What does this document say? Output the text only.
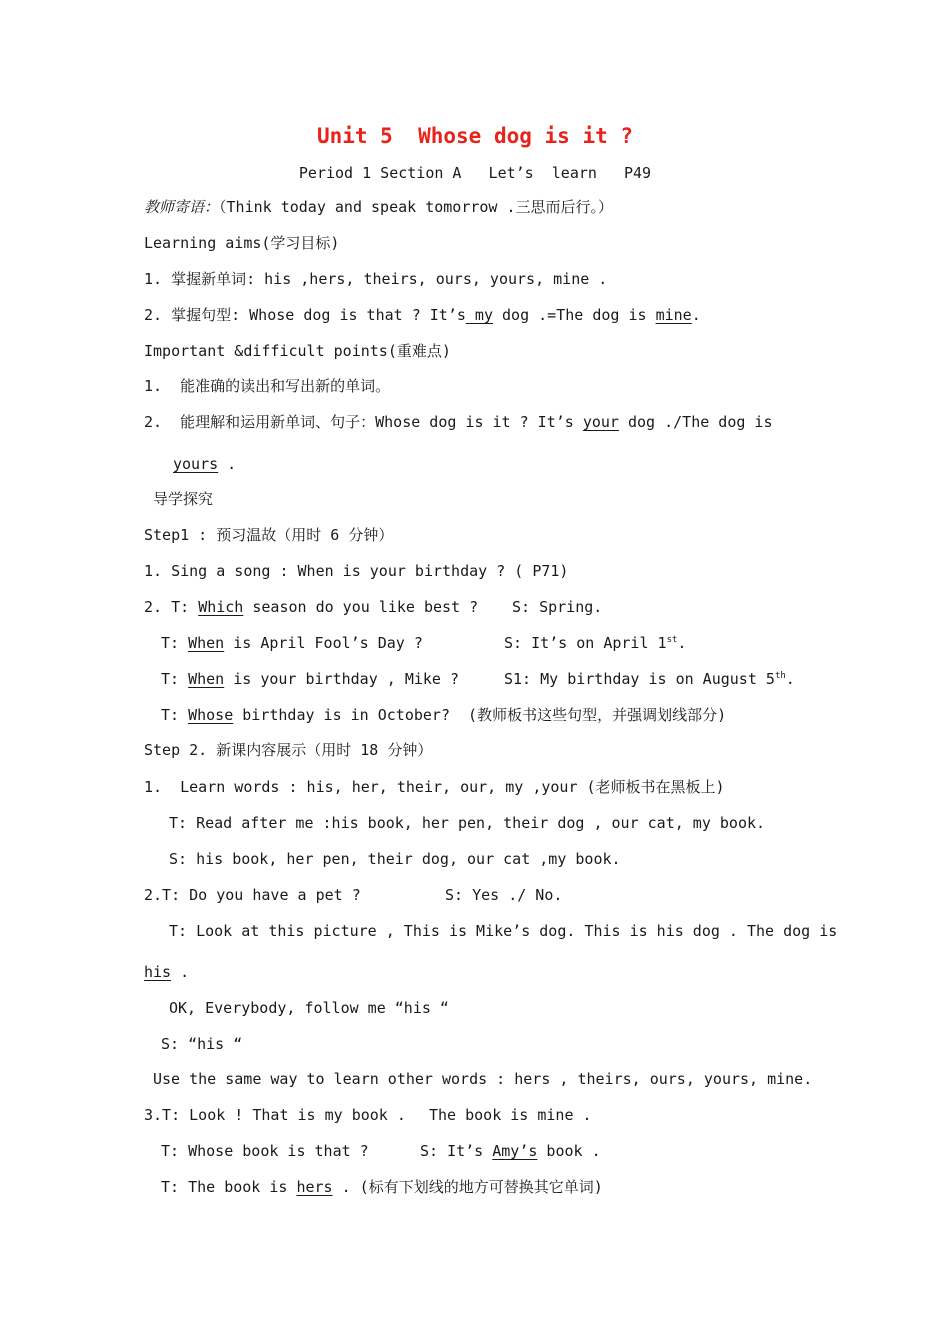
Unit 5  Whose dog is it ?
Period 1 Section A   Let’s  learn   P49
教师寄语：（Think today and speak tomorrow .三思而后行。）
Learning aims(学习目标)
1. 掌握新单词: his ,hers, theirs, ours, yours, mine .
2. 掌握句型: Whose dog is that ? It’s my dog .=The dog is mine.
Important &difficult points(重难点)
1.  能准确的读出和写出新的单词。
2.  能理解和运用新单词、句子：Whose dog is it ? It’s your dog ./The dog is
yours .
导学探究
Step1 : 预习温故（用时 6 分钟）
1. Sing a song : When is your birthday ? ( P71)
2. T: Which season do you like best ? S: Spring.
T: When is April Fool’s Day ?	S: It’s on April 1st.
T: When is your birthday , Mike ?	S1: My birthday is on August 5th.
T: Whose birthday is in October?  (教师板书这些句型，并强调划线部分)
Step 2. 新课内容展示（用时 18 分钟）
1.  Learn words : his, her, their, our, my ,your (老师板书在黑板上)
T: Read after me :his book, her pen, their dog , our cat, my book.
S: his book, her pen, their dog, our cat ,my book.
2.T: Do you have a pet ?	S: Yes ./ No.
T: Look at this picture , This is Mike’s dog. This is his dog . The dog is
his .
OK, Everybody, follow me “his “
S: “his “
Use the same way to learn other words : hers , theirs, ours, yours, mine.
3.T: Look ! That is my book . The book is mine .
T: Whose book is that ?	S: It’s Amy’s book .
T: The book is hers . (标有下划线的地方可替换其它单词)
